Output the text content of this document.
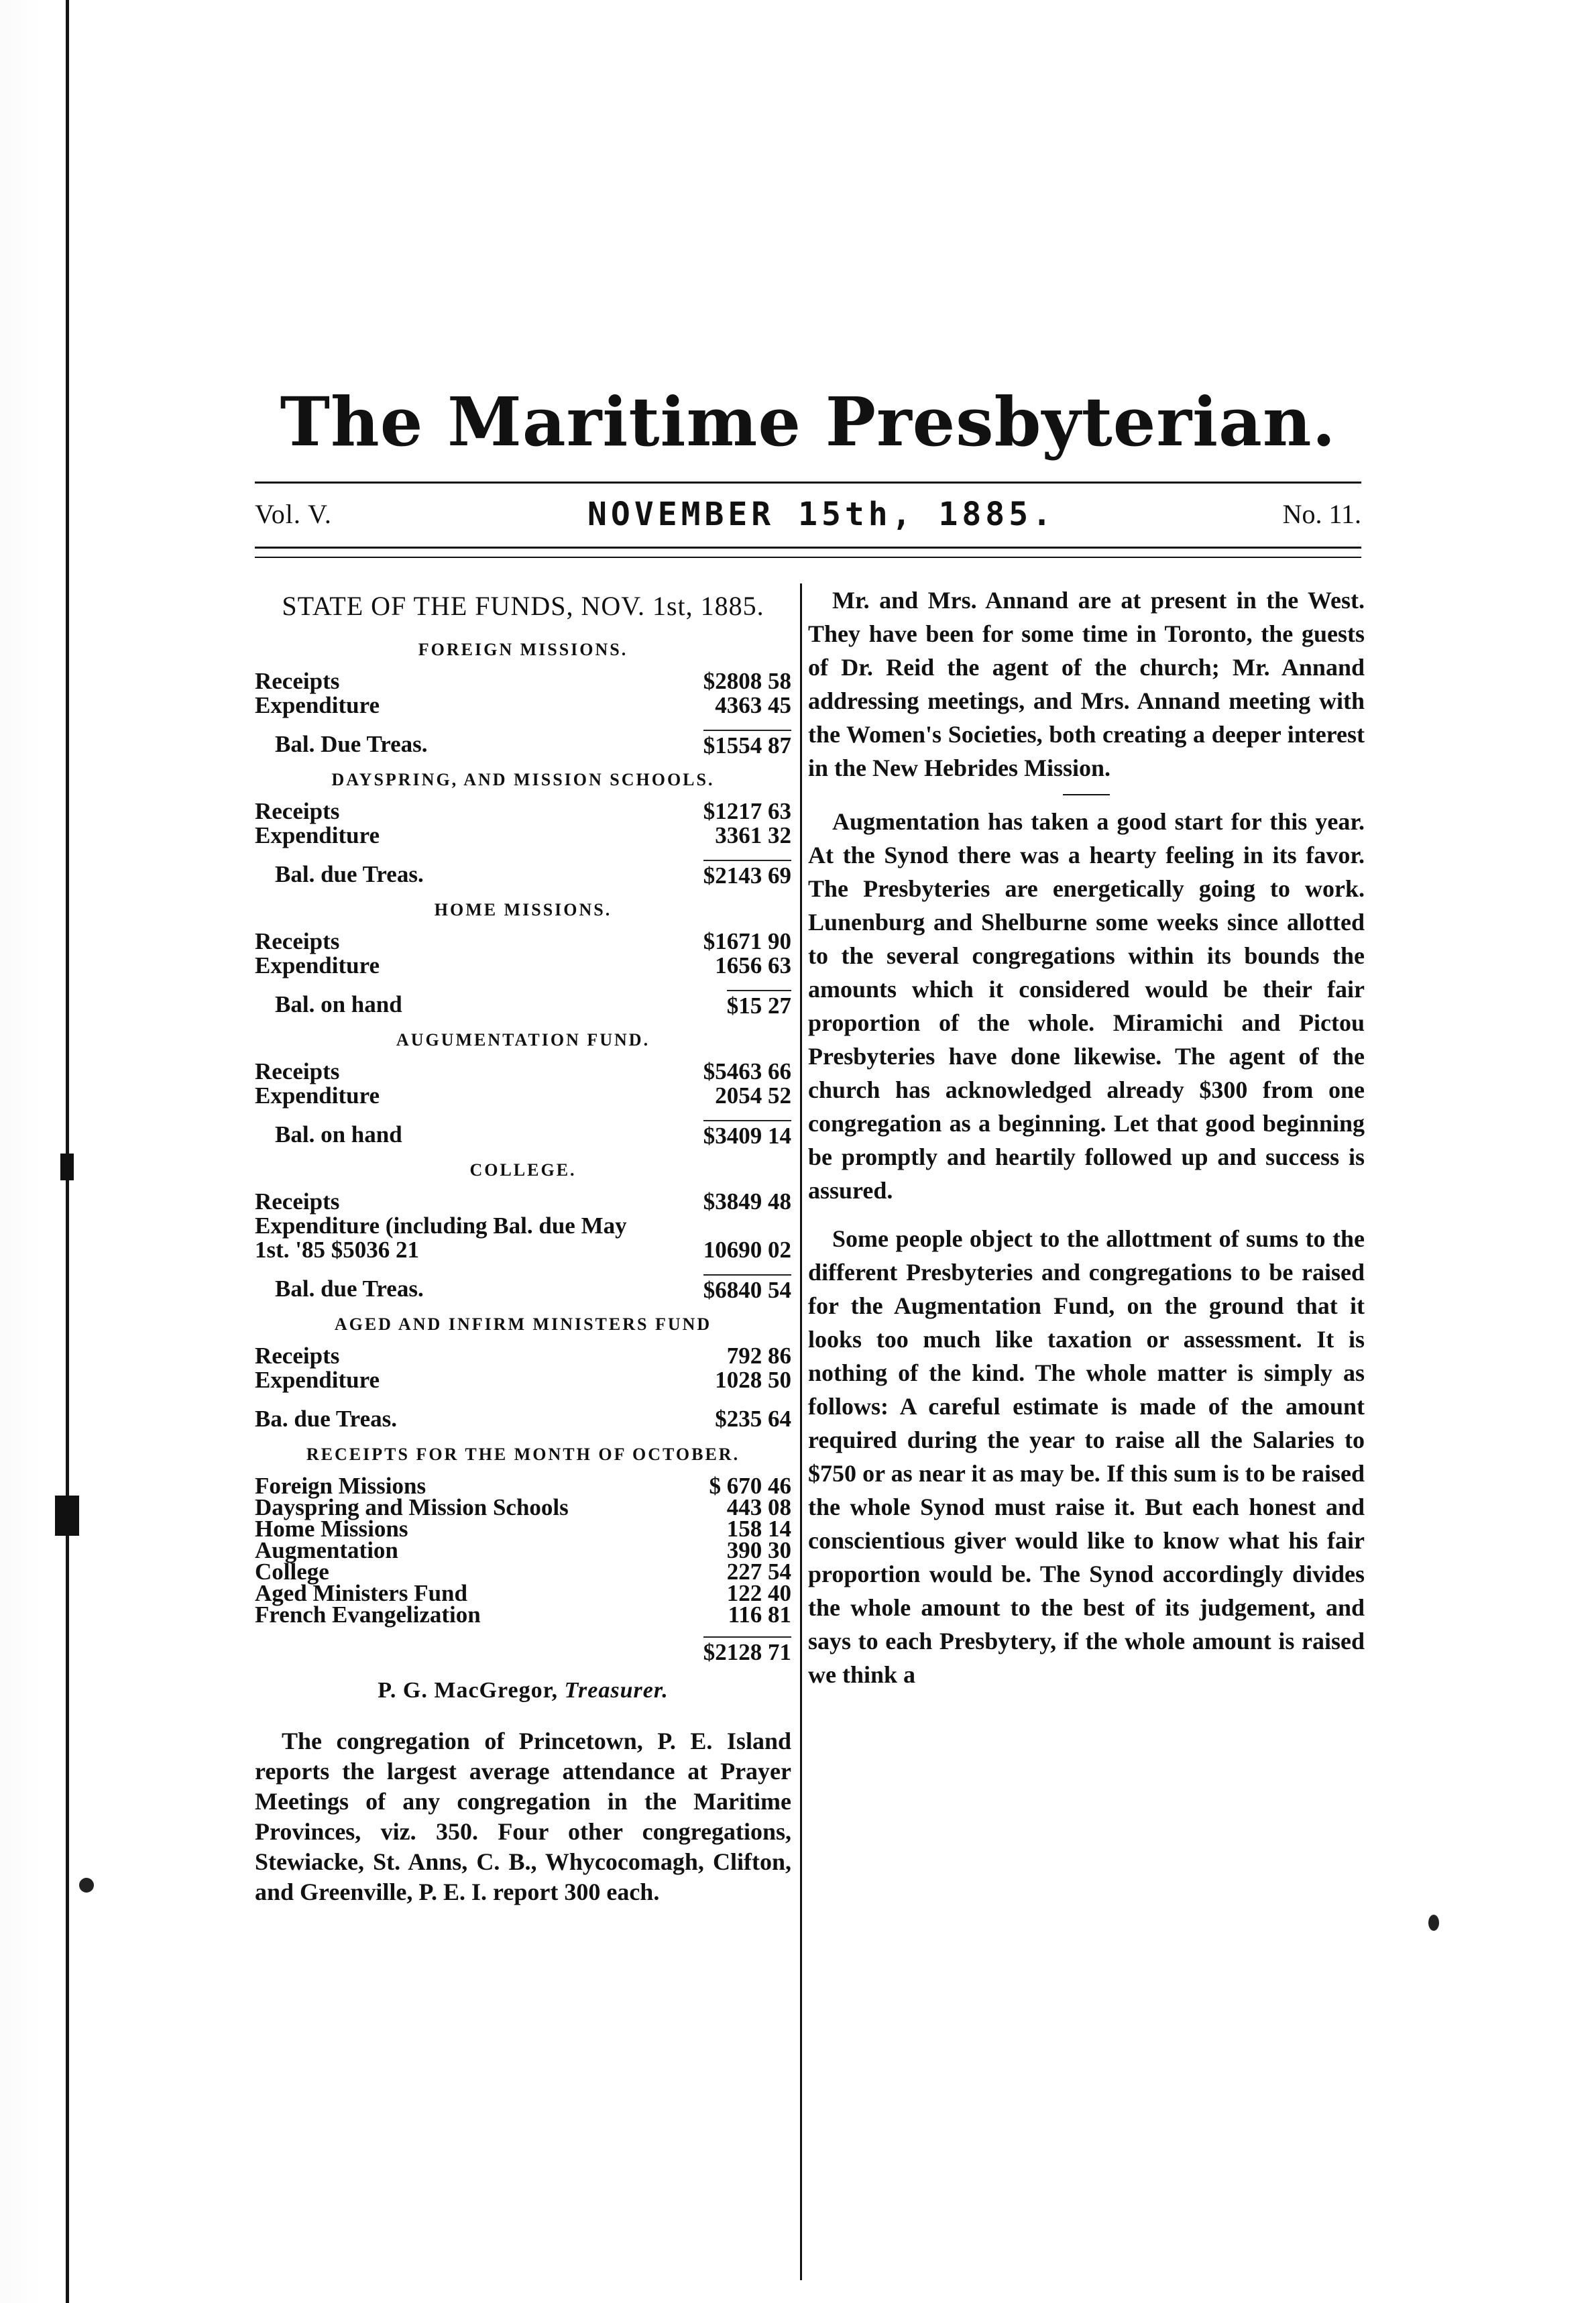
The Maritime Presbyterian.
Vol. V.	NOVEMBER 15th, 1885.	No. 11.
STATE OF THE FUNDS, NOV. 1st, 1885.
FOREIGN MISSIONS.
Receipts	$2808 58
Expenditure	4363 45
Bal. Due Treas.	$1554 87
DAYSPRING, AND MISSION SCHOOLS.
Receipts	$1217 63
Expenditure	3361 32
Bal. due Treas.	$2143 69
HOME MISSIONS.
Receipts	$1671 90
Expenditure	1656 63
Bal. on hand	$15 27
AUGUMENTATION FUND.
Receipts	$5463 66
Expenditure	2054 52
Bal. on hand	$3409 14
COLLEGE.
Receipts	$3849 48
Expenditure (including Bal. due May 1st. '85 $5036 21	10690 02
Bal. due Treas.	$6840 54
AGED AND INFIRM MINISTERS FUND
Receipts	792 86
Expenditure	1028 50
Ba. due Treas.	$235 64
RECEIPTS FOR THE MONTH OF OCTOBER.
Foreign Missions	$ 670 46
Dayspring and Mission Schools	443 08
Home Missions	158 14
Augmentation	390 30
College	227 54
Aged Ministers Fund	122 40
French Evangelization	116 81
$2128 71
P. G. MacGregor, Treasurer.

The congregation of Princetown, P. E. Island reports the largest average attendance at Prayer Meetings of any congregation in the Maritime Provinces, viz. 350. Four other congregations, Stewiacke, St. Anns, C. B., Whycocomagh, Clifton, and Greenville, P. E. I. report 300 each.

Mr. and Mrs. Annand are at present in the West. They have been for some time in Toronto, the guests of Dr. Reid the agent of the church; Mr. Annand addressing meetings, and Mrs. Annand meeting with the Women's Societies, both creating a deeper interest in the New Hebrides Mission.

Augmentation has taken a good start for this year. At the Synod there was a hearty feeling in its favor. The Presbyteries are energetically going to work. Lunenburg and Shelburne some weeks since allotted to the several congregations within its bounds the amounts which it considered would be their fair proportion of the whole. Miramichi and Pictou Presbyteries have done likewise. The agent of the church has acknowledged already $300 from one congregation as a beginning. Let that good beginning be promptly and heartily followed up and success is assured.

Some people object to the allottment of sums to the different Presbyteries and congregations to be raised for the Augmentation Fund, on the ground that it looks too much like taxation or assessment. It is nothing of the kind. The whole matter is simply as follows: A careful estimate is made of the amount required during the year to raise all the Salaries to $750 or as near it as may be. If this sum is to be raised the whole Synod must raise it. But each honest and conscientious giver would like to know what his fair proportion would be. The Synod accordingly divides the whole amount to the best of its judgement, and says to each Presbytery, if the whole amount is raised we think a
